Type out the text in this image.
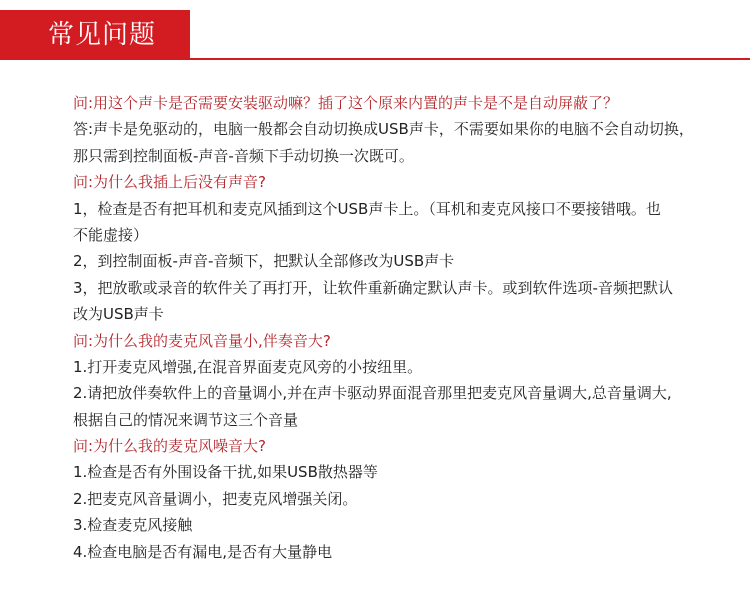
常见问题
问:用这个声卡是否需要安装驱动嘛？插了这个原来内置的声卡是不是自动屏蔽了？
答:声卡是免驱动的，电脑一般都会自动切换成USB声卡，不需要如果你的电脑不会自动切换，
那只需到控制面板-声音-音频下手动切换一次既可。
问:为什么我插上后没有声音?
1，检查是否有把耳机和麦克风插到这个USB声卡上。（耳机和麦克风接口不要接错哦。也
不能虚接）
2，到控制面板-声音-音频下，把默认全部修改为USB声卡
3，把放歌或录音的软件关了再打开，让软件重新确定默认声卡。或到软件选项-音频把默认
改为USB声卡
问:为什么我的麦克风音量小,伴奏音大?
1.打开麦克风增强,在混音界面麦克风旁的小按纽里。
2.请把放伴奏软件上的音量调小,并在声卡驱动界面混音那里把麦克风音量调大,总音量调大,
根据自己的情况来调节这三个音量
问:为什么我的麦克风噪音大?
1.检查是否有外围设备干扰,如果USB散热器等
2.把麦克风音量调小，把麦克风增强关闭。
3.检查麦克风接触
4.检查电脑是否有漏电,是否有大量静电
